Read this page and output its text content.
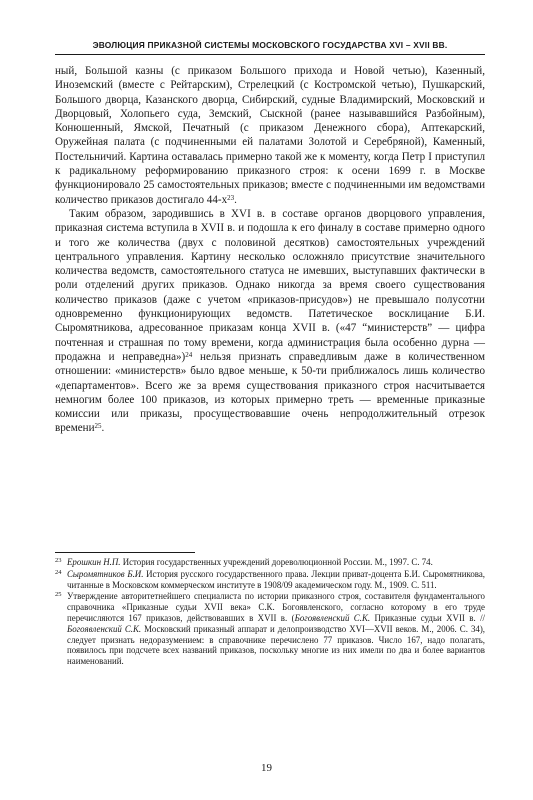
ЭВОЛЮЦИЯ ПРИКАЗНОЙ СИСТЕМЫ МОСКОВСКОГО ГОСУДАРСТВА XVI – XVII ВВ.

ный, Большой казны (с приказом Большого прихода и Новой четью), Казенный, Иноземский (вместе с Рейтарским), Стрелецкий (с Костромской четью), Пушкарский, Большого дворца, Казанского дворца, Сибирский, судные Владимирский, Московский и Дворцовый, Холопьего суда, Земский, Сыскной (ранее называвшийся Разбойным), Конюшенный, Ямской, Печатный (с приказом Денежного сбора), Аптекарский, Оружейная палата (с подчиненными ей палатами Золотой и Серебряной), Каменный, Постельничий. Картина оставалась примерно такой же к моменту, когда Петр I приступил к радикальному реформированию приказного строя: к осени 1699 г. в Москве функционировало 25 самостоятельных приказов; вместе с подчиненными им ведомствами количество приказов достигало $44-х^{23}$.

Таким образом, зародившись в XVI в. в составе органов дворцового управления, приказная система вступила в XVII в. и подошла к его финалу в составе примерно одного и того же количества (двух с половиной десятков) самостоятельных учреждений центрального управления. Картину несколько осложняло присутствие значительного количества ведомств, самостоятельного статуса не имевших, выступавших фактически в роли отделений других приказов. Однако никогда за время своего существования количество приказов (даже с учетом «приказов-присудов») не превышало полусотни одновременно функционирующих ведомств. Патетическое восклицание Б.И. Сыромятникова, адресованное приказам конца XVII в. («47 “министерств” — цифра почтенная и страшная по тому времени, когда администрация была особенно дурна — продажна и неправедна»)$^{24}$ нельзя признать справедливым даже в количественном отношении: «министерств» было вдвое меньше, к 50-ти приближалось лишь количество «департаментов». Всего же за время существования приказного строя насчитывается немногим более 100 приказов, из которых примерно треть — временные приказные комиссии или приказы, просуществовавшие очень непродолжительный отрезок времени$^{25}$.

23 Ерошкин Н.П. История государственных учреждений дореволюционной России. М., 1997. С. 74.
24 Сыромятников Б.И. История русского государственного права. Лекции приват-доцента Б.И. Сыромятникова, читанные в Московском коммерческом институте в 1908/09 академическом году. М., 1909. С. 511.
25 Утверждение авторитетнейшего специалиста по истории приказного строя, составителя фундаментального справочника «Приказные судьи XVII века» С.К. Богоявленского, согласно которому в его труде перечисляются 167 приказов, действовавших в XVII в. (Богоявленский С.К. Приказные судьи XVII в. // Богоявленский С.К. Московский приказный аппарат и делопроизводство XVI—XVII веков. М., 2006. С. 34), следует признать недоразумением: в справочнике перечислено 77 приказов. Число 167, надо полагать, появилось при подсчете всех названий приказов, поскольку многие из них имели по два и более вариантов наименований.
19
